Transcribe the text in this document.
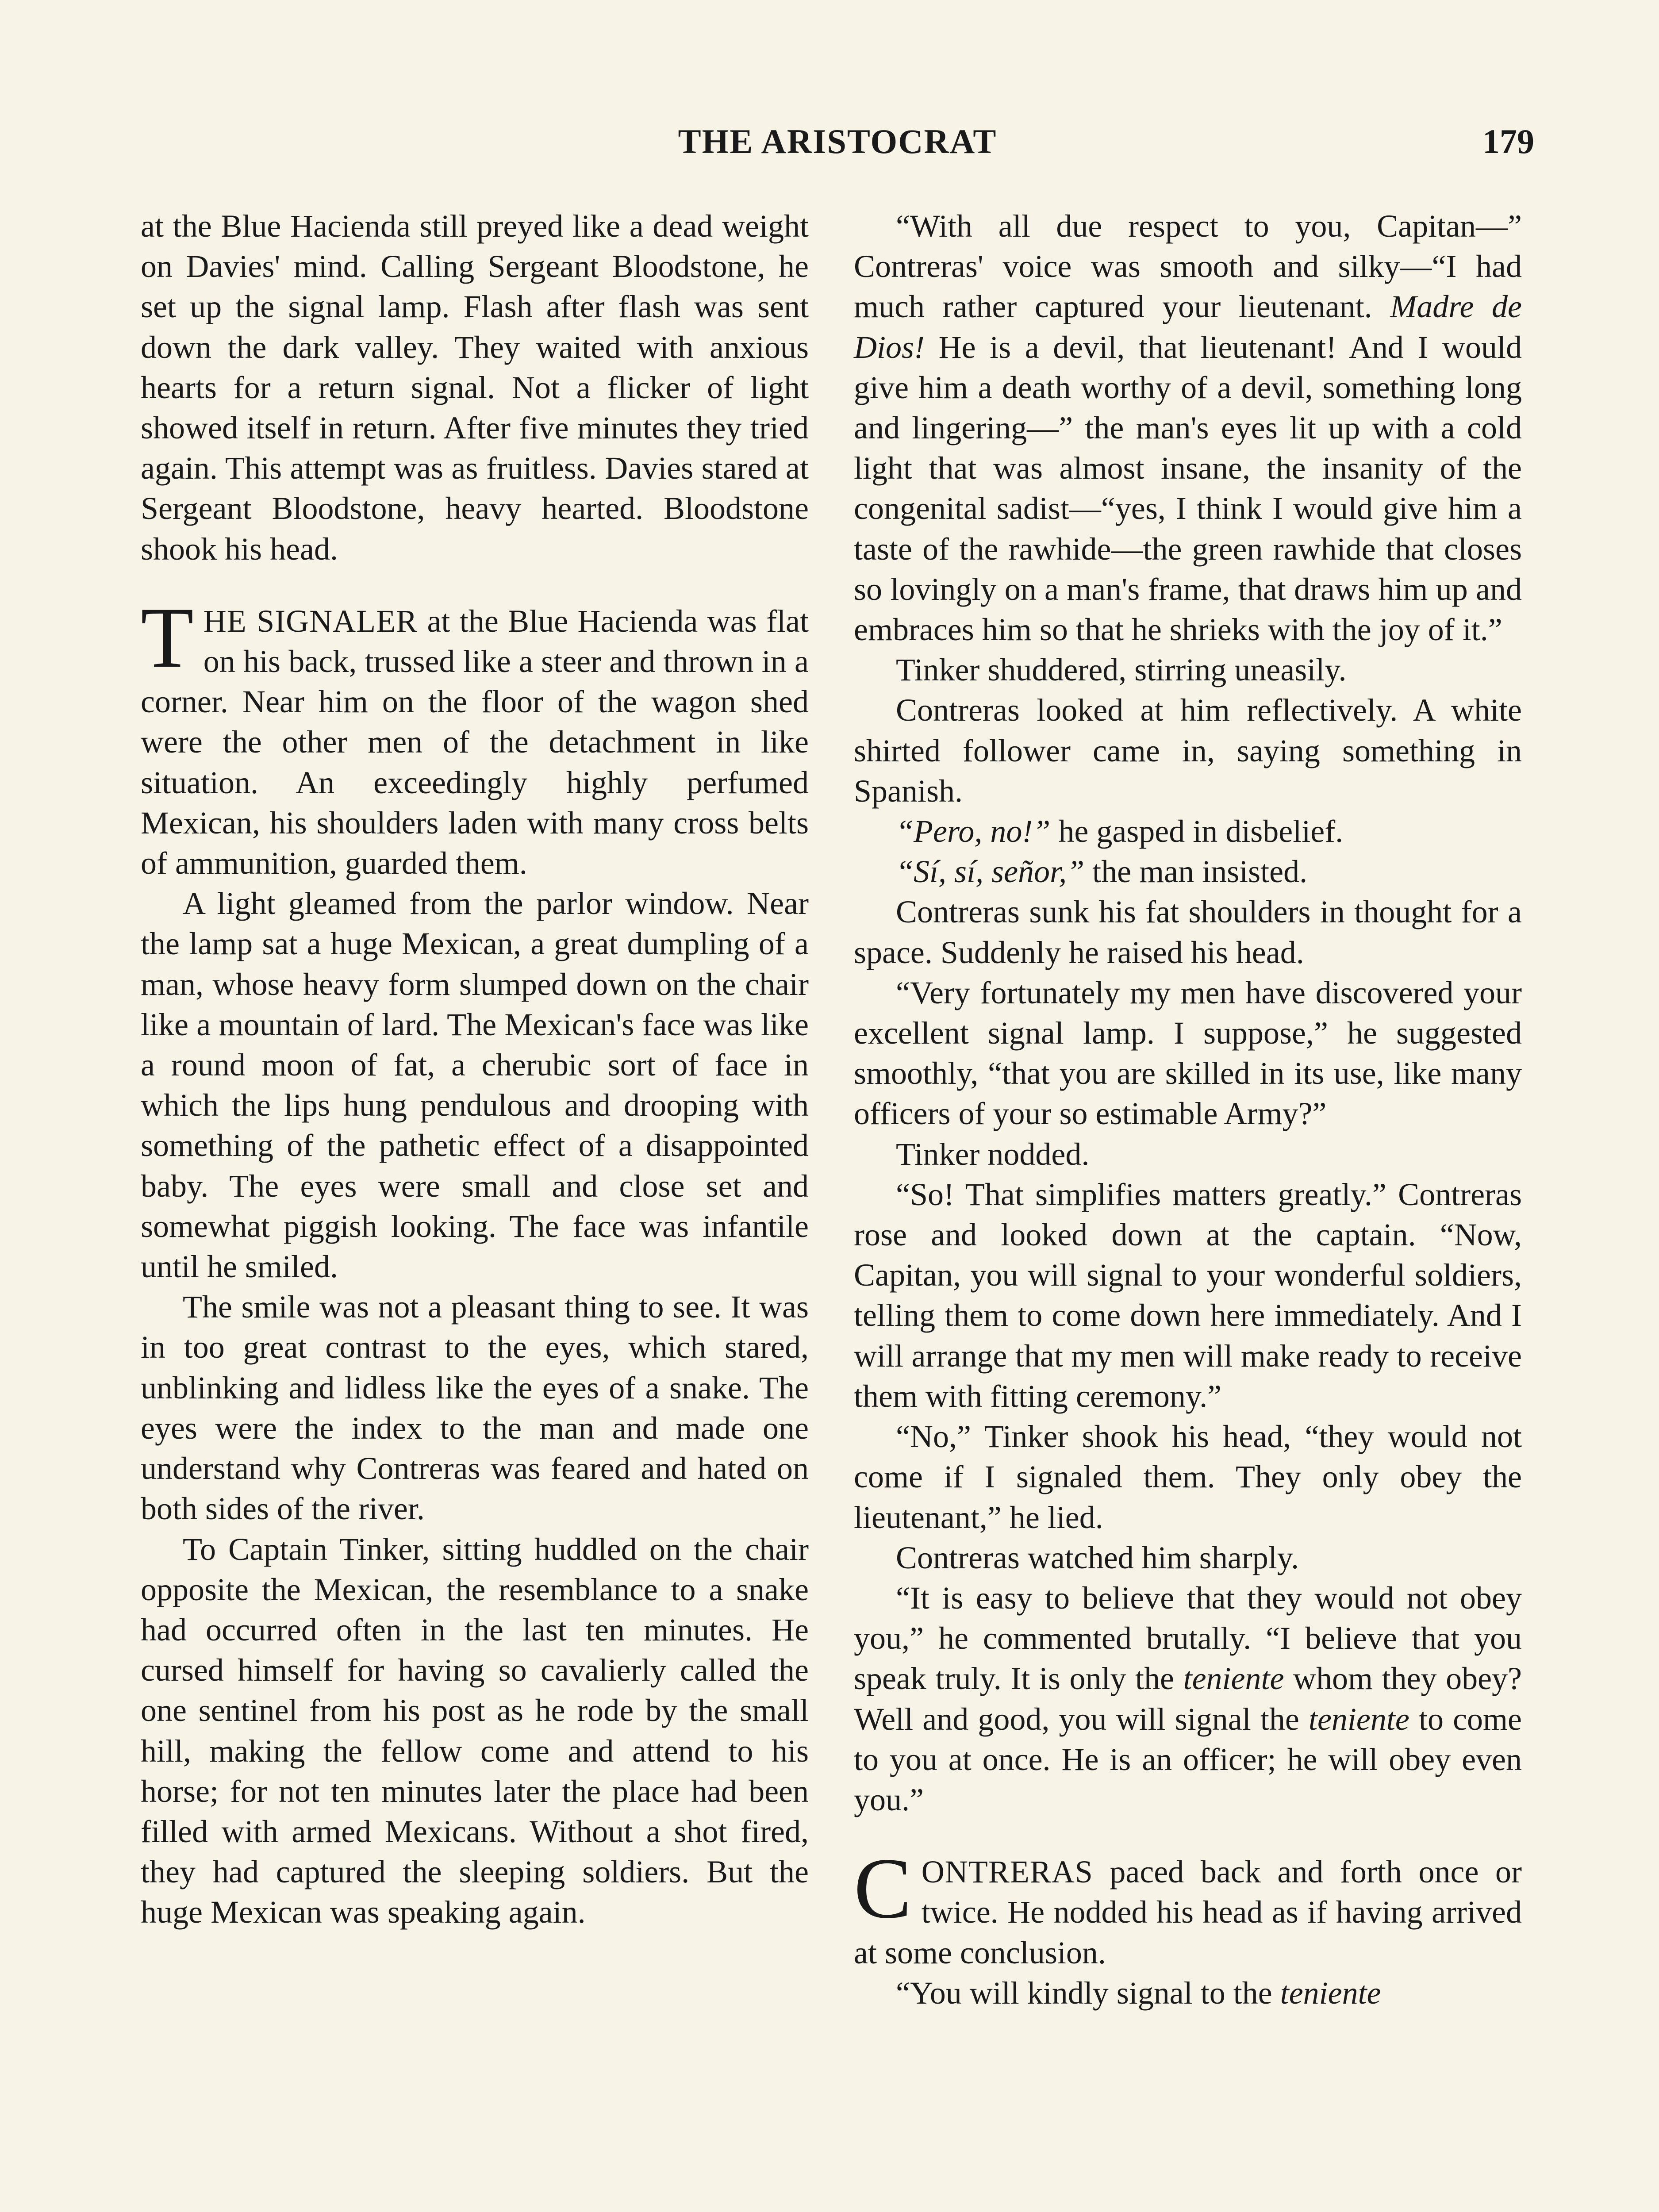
THE ARISTOCRAT	179

at the Blue Hacienda still preyed like a dead weight on Davies' mind. Calling Sergeant Bloodstone, he set up the signal lamp. Flash after flash was sent down the dark valley. They waited with anxious hearts for a return signal. Not a flicker of light showed itself in return. After five minutes they tried again. This attempt was as fruitless. Davies stared at Sergeant Bloodstone, heavy hearted. Bloodstone shook his head.

THE SIGNALER at the Blue Hacienda was flat on his back, trussed like a steer and thrown in a corner. Near him on the floor of the wagon shed were the other men of the detachment in like situation. An exceedingly highly perfumed Mexican, his shoulders laden with many cross belts of ammunition, guarded them.

A light gleamed from the parlor window. Near the lamp sat a huge Mexican, a great dumpling of a man, whose heavy form slumped down on the chair like a mountain of lard. The Mexican's face was like a round moon of fat, a cherubic sort of face in which the lips hung pendulous and drooping with something of the pathetic effect of a disappointed baby. The eyes were small and close set and somewhat piggish looking. The face was infantile until he smiled.

The smile was not a pleasant thing to see. It was in too great contrast to the eyes, which stared, unblinking and lidless like the eyes of a snake. The eyes were the index to the man and made one understand why Contreras was feared and hated on both sides of the river.

To Captain Tinker, sitting huddled on the chair opposite the Mexican, the resemblance to a snake had occurred often in the last ten minutes. He cursed himself for having so cavalierly called the one sentinel from his post as he rode by the small hill, making the fellow come and attend to his horse; for not ten minutes later the place had been filled with armed Mexicans. Without a shot fired, they had captured the sleeping soldiers. But the huge Mexican was speaking again.

“With all due respect to you, Capitan—” Contreras' voice was smooth and silky—“I had much rather captured your lieutenant. Madre de Dios! He is a devil, that lieutenant! And I would give him a death worthy of a devil, something long and lingering—” the man's eyes lit up with a cold light that was almost insane, the insanity of the congenital sadist—“yes, I think I would give him a taste of the rawhide—the green rawhide that closes so lovingly on a man's frame, that draws him up and embraces him so that he shrieks with the joy of it.”

Tinker shuddered, stirring uneasily.

Contreras looked at him reflectively. A white shirted follower came in, saying something in Spanish.

“Pero, no!” he gasped in disbelief.

“Sí, sí, señor,” the man insisted.

Contreras sunk his fat shoulders in thought for a space. Suddenly he raised his head.

“Very fortunately my men have discovered your excellent signal lamp. I suppose,” he suggested smoothly, “that you are skilled in its use, like many officers of your so estimable Army?”

Tinker nodded.

“So! That simplifies matters greatly.” Contreras rose and looked down at the captain. “Now, Capitan, you will signal to your wonderful soldiers, telling them to come down here immediately. And I will arrange that my men will make ready to receive them with fitting ceremony.”

“No,” Tinker shook his head, “they would not come if I signaled them. They only obey the lieutenant,” he lied.

Contreras watched him sharply.

“It is easy to believe that they would not obey you,” he commented brutally. “I believe that you speak truly. It is only the teniente whom they obey? Well and good, you will signal the teniente to come to you at once. He is an officer; he will obey even you.”

CONTRERAS paced back and forth once or twice. He nodded his head as if having arrived at some conclusion.

“You will kindly signal to the teniente
